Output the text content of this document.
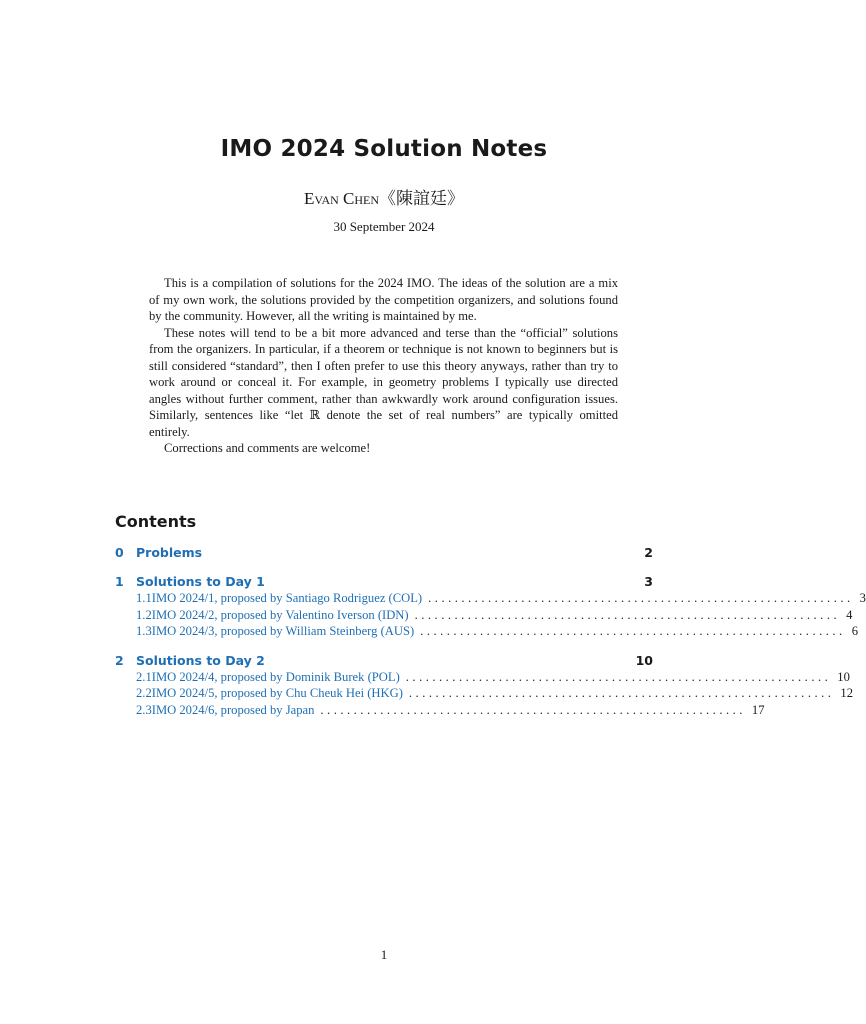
IMO 2024 Solution Notes
Evan Chen《陳誼廷》
30 September 2024

This is a compilation of solutions for the 2024 IMO. The ideas of the solution are a mix of my own work, the solutions provided by the competition organizers, and solutions found by the community. However, all the writing is maintained by me.

These notes will tend to be a bit more advanced and terse than the “official” solutions from the organizers. In particular, if a theorem or technique is not known to beginners but is still considered “standard”, then I often prefer to use this theory anyways, rather than try to work around or conceal it. For example, in geometry problems I typically use directed angles without further comment, rather than awkwardly work around configuration issues. Similarly, sentences like “let ℝ denote the set of real numbers” are typically omitted entirely.

Corrections and comments are welcome!

Contents
0 Problems	2
1 Solutions to Day 1	3
1.1 IMO 2024/1, proposed by Santiago Rodriguez (COL) ................................................................ 3
1.2 IMO 2024/2, proposed by Valentino Iverson (IDN) ................................................................ 4
1.3 IMO 2024/3, proposed by William Steinberg (AUS) ................................................................ 6
2 Solutions to Day 2	10
2.1 IMO 2024/4, proposed by Dominik Burek (POL) ................................................................ 10
2.2 IMO 2024/5, proposed by Chu Cheuk Hei (HKG) ................................................................ 12
2.3 IMO 2024/6, proposed by Japan ................................................................ 17
1
